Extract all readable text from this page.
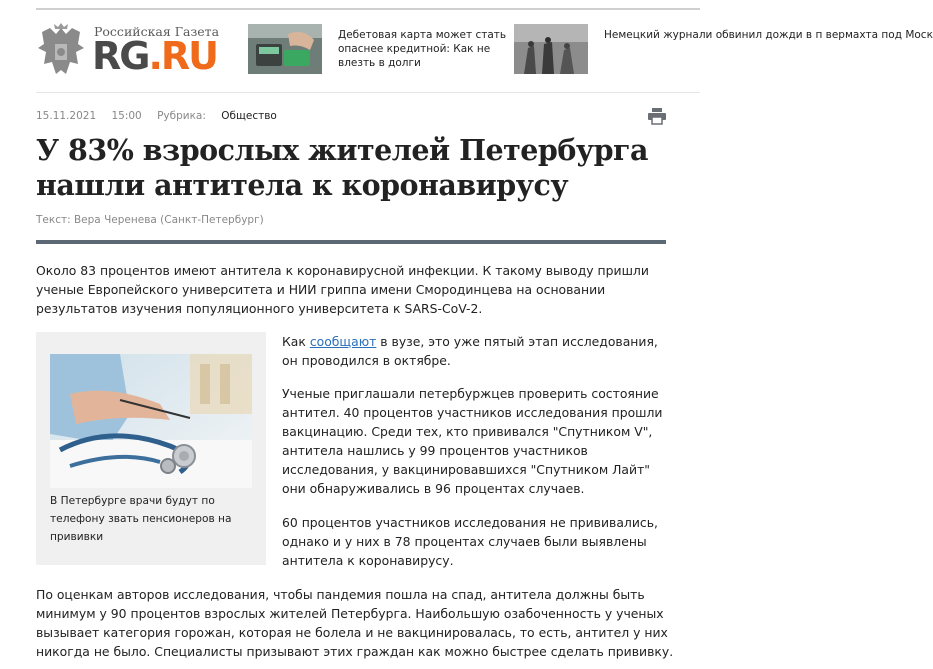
Российская Газета
RG.RU	Дебетовая карта может стать опаснее кредитной: Как не влезть в долги
Немецкий журнали обвинил дожди в п вермахта под Моск
15.11.2021 15:00 Рубрика: Общество
У 83% взрослых жителей Петербурга нашли антитела к коронавирусу
Текст: Вера Черенева (Санкт-Петербург)

Около 83 процентов имеют антитела к коронавирусной инфекции. К такому выводу пришли ученые Европейского университета и НИИ гриппа имени Смородинцева на основании результатов изучения популяционного университета к SARS-CoV-2.

В Петербурге врачи будут по телефону звать пенсионеров на прививки

Как сообщают в вузе, это уже пятый этап исследования, он проводился в октябре.

Ученые приглашали петербуржцев проверить состояние антител. 40 процентов участников исследования прошли вакцинацию. Среди тех, кто прививался "Спутником V", антитела нашлись у 99 процентов участников исследования, у вакцинировавшихся "Спутником Лайт" они обнаруживались в 96 процентах случаев.

60 процентов участников исследования не прививались, однако и у них в 78 процентах случаев были выявлены антитела к коронавирусу.

По оценкам авторов исследования, чтобы пандемия пошла на спад, антитела должны быть минимум у 90 процентов взрослых жителей Петербурга. Наибольшую озабоченность у ученых вызывает категория горожан, которая не болела и не вакцинировалась, то есть, антител у них никогда не было. Специалисты призывают этих граждан как можно быстрее сделать прививку.
